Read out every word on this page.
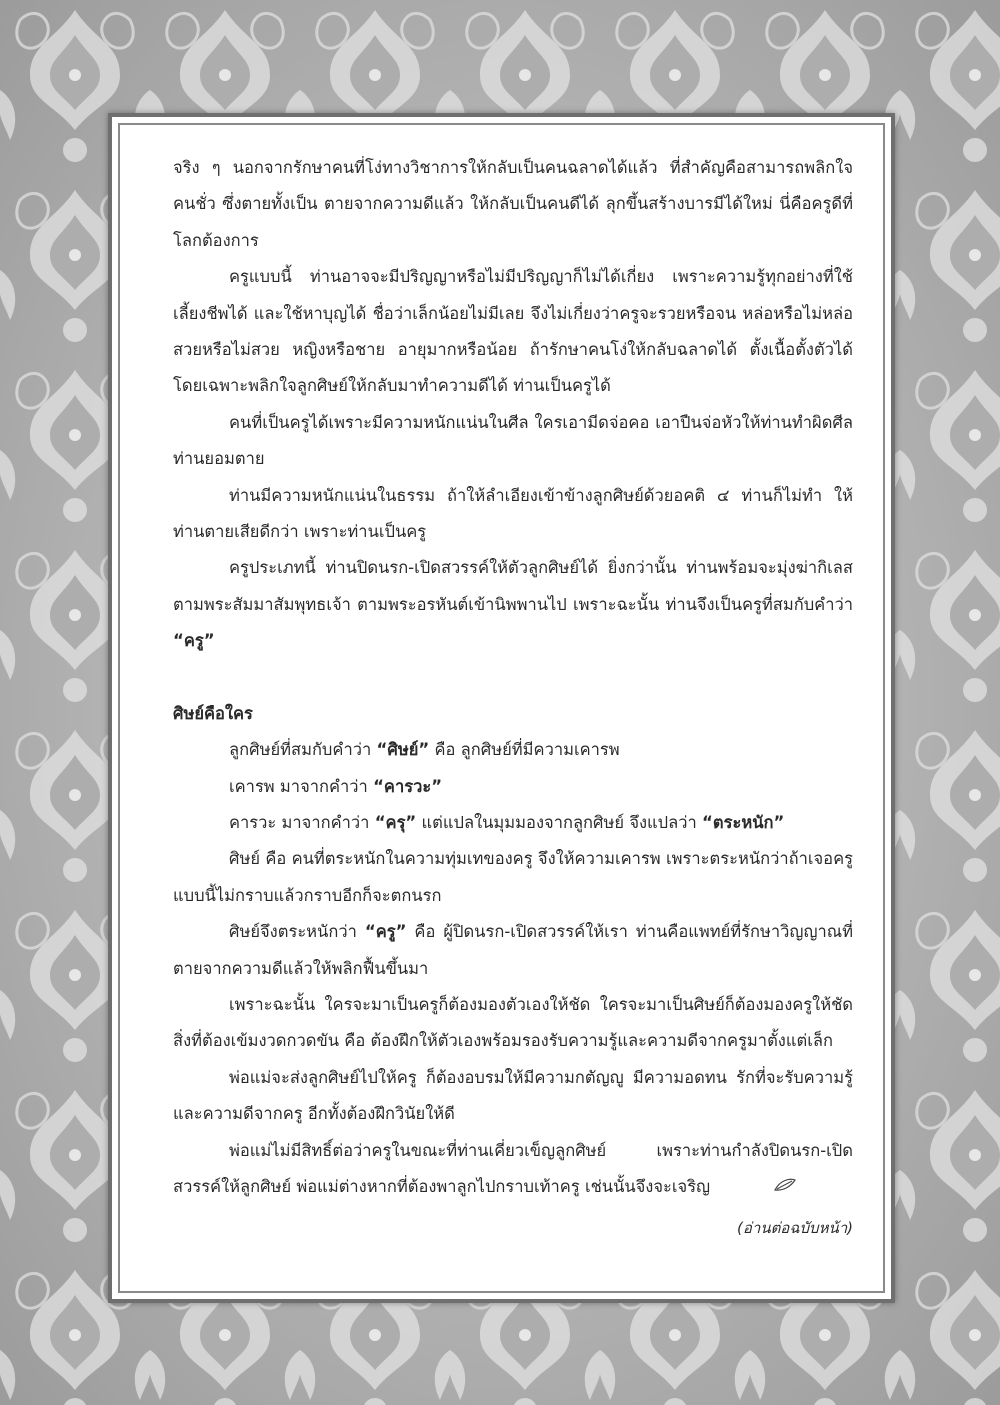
จริง ๆ นอกจากรักษาคนที่โง่ทางวิชาการให้กลับเป็นคนฉลาดได้แล้ว ที่สำคัญคือสามารถพลิกใจคนชั่ว ซึ่งตายทั้งเป็น ตายจากความดีแล้ว ให้กลับเป็นคนดีได้ ลุกขึ้นสร้างบารมีได้ใหม่ นี่คือครูดีที่โลกต้องการ

ครูแบบนี้ ท่านอาจจะมีปริญญาหรือไม่มีปริญญาก็ไม่ได้เกี่ยง เพราะความรู้ทุกอย่างที่ใช้เลี้ยงชีพได้ และใช้หาบุญได้ ชื่อว่าเล็กน้อยไม่มีเลย จึงไม่เกี่ยงว่าครูจะรวยหรือจน หล่อหรือไม่หล่อ สวยหรือไม่สวย หญิงหรือชาย อายุมากหรือน้อย ถ้ารักษาคนโง่ให้กลับฉลาดได้ ตั้งเนื้อตั้งตัวได้ โดยเฉพาะพลิกใจลูกศิษย์ให้กลับมาทำความดีได้ ท่านเป็นครูได้

คนที่เป็นครูได้เพราะมีความหนักแน่นในศีล ใครเอามีดจ่อคอ เอาปืนจ่อหัวให้ท่านทำผิดศีล ท่านยอมตาย

ท่านมีความหนักแน่นในธรรม ถ้าให้ลำเอียงเข้าข้างลูกศิษย์ด้วยอคติ ๔ ท่านก็ไม่ทำ ให้ท่านตายเสียดีกว่า เพราะท่านเป็นครู

ครูประเภทนี้ ท่านปิดนรก-เปิดสวรรค์ให้ตัวลูกศิษย์ได้ ยิ่งกว่านั้น ท่านพร้อมจะมุ่งฆ่ากิเลสตามพระสัมมาสัมพุทธเจ้า ตามพระอรหันต์เข้านิพพานไป เพราะฉะนั้น ท่านจึงเป็นครูที่สมกับคำว่า “ครู”

ศิษย์คือใคร

ลูกศิษย์ที่สมกับคำว่า “ศิษย์” คือ ลูกศิษย์ที่มีความเคารพ

เคารพ มาจากคำว่า “คารวะ”

คารวะ มาจากคำว่า “ครุ” แต่แปลในมุมมองจากลูกศิษย์ จึงแปลว่า “ตระหนัก”

ศิษย์ คือ คนที่ตระหนักในความทุ่มเทของครู จึงให้ความเคารพ เพราะตระหนักว่าถ้าเจอครูแบบนี้ไม่กราบแล้วกราบอีกก็จะตกนรก

ศิษย์จึงตระหนักว่า “ครู” คือ ผู้ปิดนรก-เปิดสวรรค์ให้เรา ท่านคือแพทย์ที่รักษาวิญญาณที่ตายจากความดีแล้วให้พลิกฟื้นขึ้นมา

เพราะฉะนั้น ใครจะมาเป็นครูก็ต้องมองตัวเองให้ชัด ใครจะมาเป็นศิษย์ก็ต้องมองครูให้ชัด สิ่งที่ต้องเข้มงวดกวดขัน คือ ต้องฝึกให้ตัวเองพร้อมรองรับความรู้และความดีจากครูมาตั้งแต่เล็ก

พ่อแม่จะส่งลูกศิษย์ไปให้ครู ก็ต้องอบรมให้มีความกตัญญู มีความอดทน รักที่จะรับความรู้และความดีจากครู อีกทั้งต้องฝึกวินัยให้ดี

พ่อแม่ไม่มีสิทธิ์ต่อว่าครูในขณะที่ท่านเคี่ยวเข็ญลูกศิษย์ เพราะท่านกำลังปิดนรก-เปิดสวรรค์ให้ลูกศิษย์ พ่อแม่ต่างหากที่ต้องพาลูกไปกราบเท้าครู เช่นนั้นจึงจะเจริญ

(อ่านต่อฉบับหน้า)
